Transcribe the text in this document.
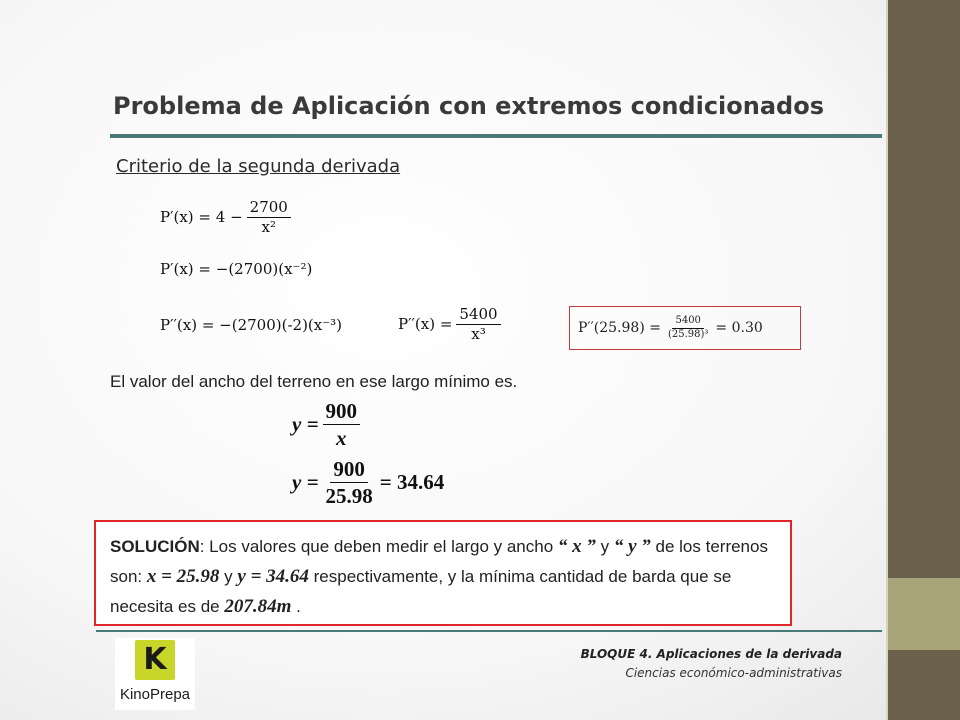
Problema de Aplicación con extremos condicionados
Criterio de la segunda derivada
$P'(x) = 4 - \frac{2700}{\text{x²}}$
P′(x) = −(2700)(x⁻²)
P′′(x) = −(2700)(-2)(x⁻³)	$P''(x) = \frac{5400}{\text{x³}}$	$P''(25.98) = \frac{5400}{\text{(25.98)³}} = 0.30$
El valor del ancho del terreno en ese largo mínimo es.
$y = \frac{900}{x}$
$y = \frac{900}{25.98} = 34.64$
SOLUCIÓN: Los valores que deben medir el largo y ancho “ x ” y “ y ” de los terrenos son: x = 25.98 y y = 34.64 respectivamente, y la mínima cantidad de barda que se necesita es de 207.84m .
K
KinoPrepa
BLOQUE 4. Aplicaciones de la derivada
Ciencias económico-administrativas
